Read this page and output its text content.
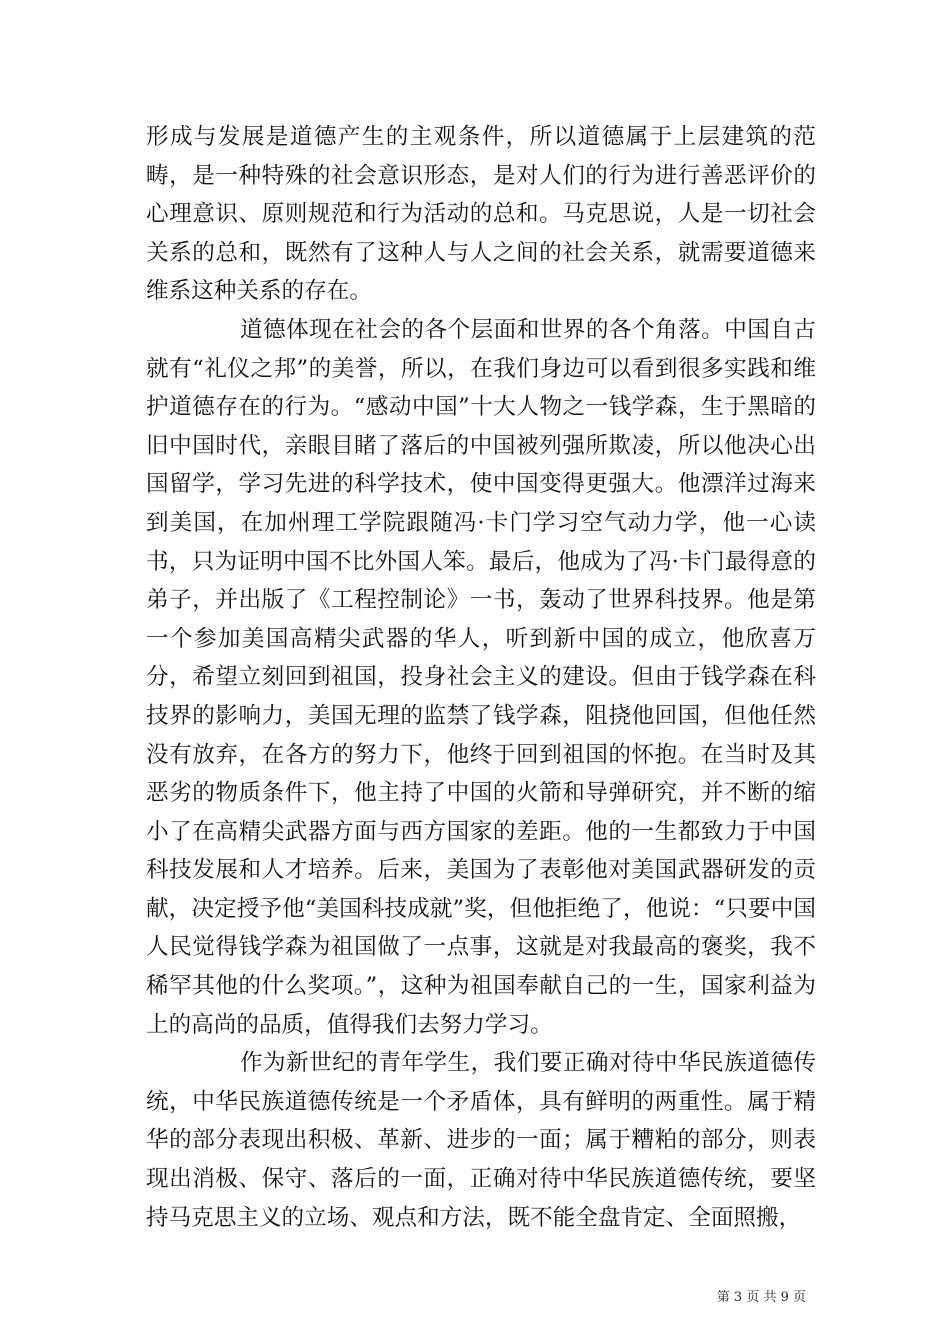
形成与发展是道德产生的主观条件，所以道德属于上层建筑的范畴，是一种特殊的社会意识形态，是对人们的行为进行善恶评价的心理意识、原则规范和行为活动的总和。马克思说，人是一切社会关系的总和，既然有了这种人与人之间的社会关系，就需要道德来维系这种关系的存在。

道德体现在社会的各个层面和世界的各个角落。中国自古就有“礼仪之邦”的美誉，所以，在我们身边可以看到很多实践和维护道德存在的行为。“感动中国”十大人物之一钱学森，生于黑暗的旧中国时代，亲眼目睹了落后的中国被列强所欺凌，所以他决心出国留学，学习先进的科学技术，使中国变得更强大。他漂洋过海来到美国，在加州理工学院跟随冯·卡门学习空气动力学，他一心读书，只为证明中国不比外国人笨。最后，他成为了冯·卡门最得意的弟子，并出版了《工程控制论》一书，轰动了世界科技界。他是第一个参加美国高精尖武器的华人，听到新中国的成立，他欣喜万分，希望立刻回到祖国，投身社会主义的建设。但由于钱学森在科技界的影响力，美国无理的监禁了钱学森，阻挠他回国，但他任然没有放弃，在各方的努力下，他终于回到祖国的怀抱。在当时及其恶劣的物质条件下，他主持了中国的火箭和导弹研究，并不断的缩小了在高精尖武器方面与西方国家的差距。他的一生都致力于中国科技发展和人才培养。后来，美国为了表彰他对美国武器研发的贡献，决定授予他“美国科技成就”奖，但他拒绝了，他说：“只要中国人民觉得钱学森为祖国做了一点事，这就是对我最高的褒奖，我不稀罕其他的什么奖项。”，这种为祖国奉献自己的一生，国家利益为上的高尚的品质，值得我们去努力学习。

作为新世纪的青年学生，我们要正确对待中华民族道德传统，中华民族道德传统是一个矛盾体，具有鲜明的两重性。属于精华的部分表现出积极、革新、进步的一面；属于糟粕的部分，则表现出消极、保守、落后的一面，正确对待中华民族道德传统，要坚持马克思主义的立场、观点和方法，既不能全盘肯定、全面照搬，

第 3 页 共 9 页
